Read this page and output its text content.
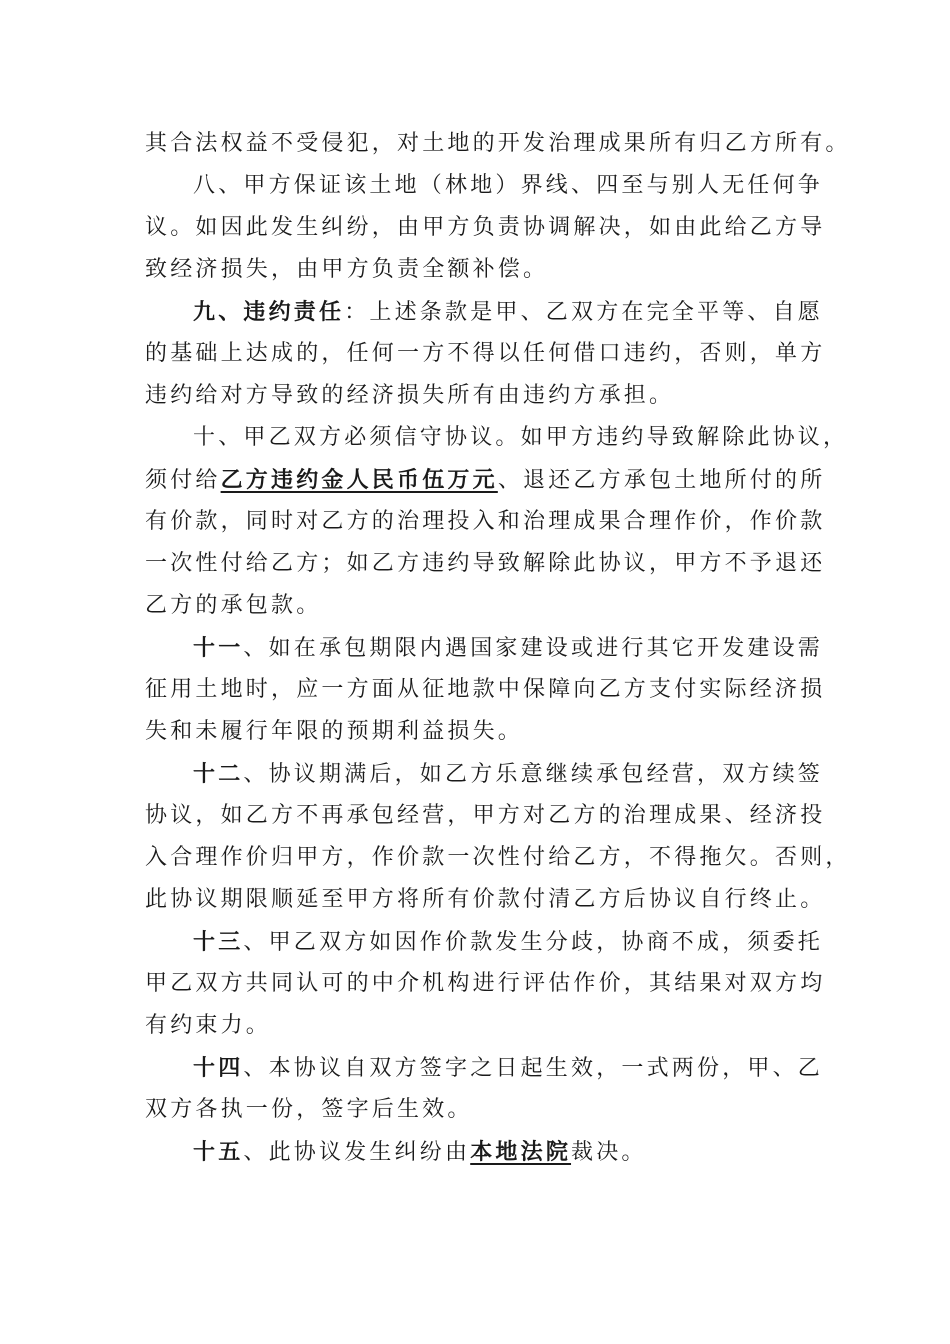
其合法权益不受侵犯，对土地的开发治理成果所有归乙方所有。
八、甲方保证该土地（林地）界线、四至与别人无任何争
议。如因此发生纠纷，由甲方负责协调解决，如由此给乙方导
致经济损失，由甲方负责全额补偿。
九、违约责任：上述条款是甲、乙双方在完全平等、自愿
的基础上达成的，任何一方不得以任何借口违约，否则，单方
违约给对方导致的经济损失所有由违约方承担。
十、甲乙双方必须信守协议。如甲方违约导致解除此协议，
须付给乙方违约金人民币伍万元、退还乙方承包土地所付的所
有价款，同时对乙方的治理投入和治理成果合理作价，作价款
一次性付给乙方；如乙方违约导致解除此协议，甲方不予退还
乙方的承包款。
十一、如在承包期限内遇国家建设或进行其它开发建设需
征用土地时，应一方面从征地款中保障向乙方支付实际经济损
失和未履行年限的预期利益损失。
十二、协议期满后，如乙方乐意继续承包经营，双方续签
协议，如乙方不再承包经营，甲方对乙方的治理成果、经济投
入合理作价归甲方，作价款一次性付给乙方，不得拖欠。否则，
此协议期限顺延至甲方将所有价款付清乙方后协议自行终止。
十三、甲乙双方如因作价款发生分歧，协商不成，须委托
甲乙双方共同认可的中介机构进行评估作价，其结果对双方均
有约束力。
十四、本协议自双方签字之日起生效，一式两份，甲、乙
双方各执一份，签字后生效。
十五、此协议发生纠纷由本地法院裁决。
